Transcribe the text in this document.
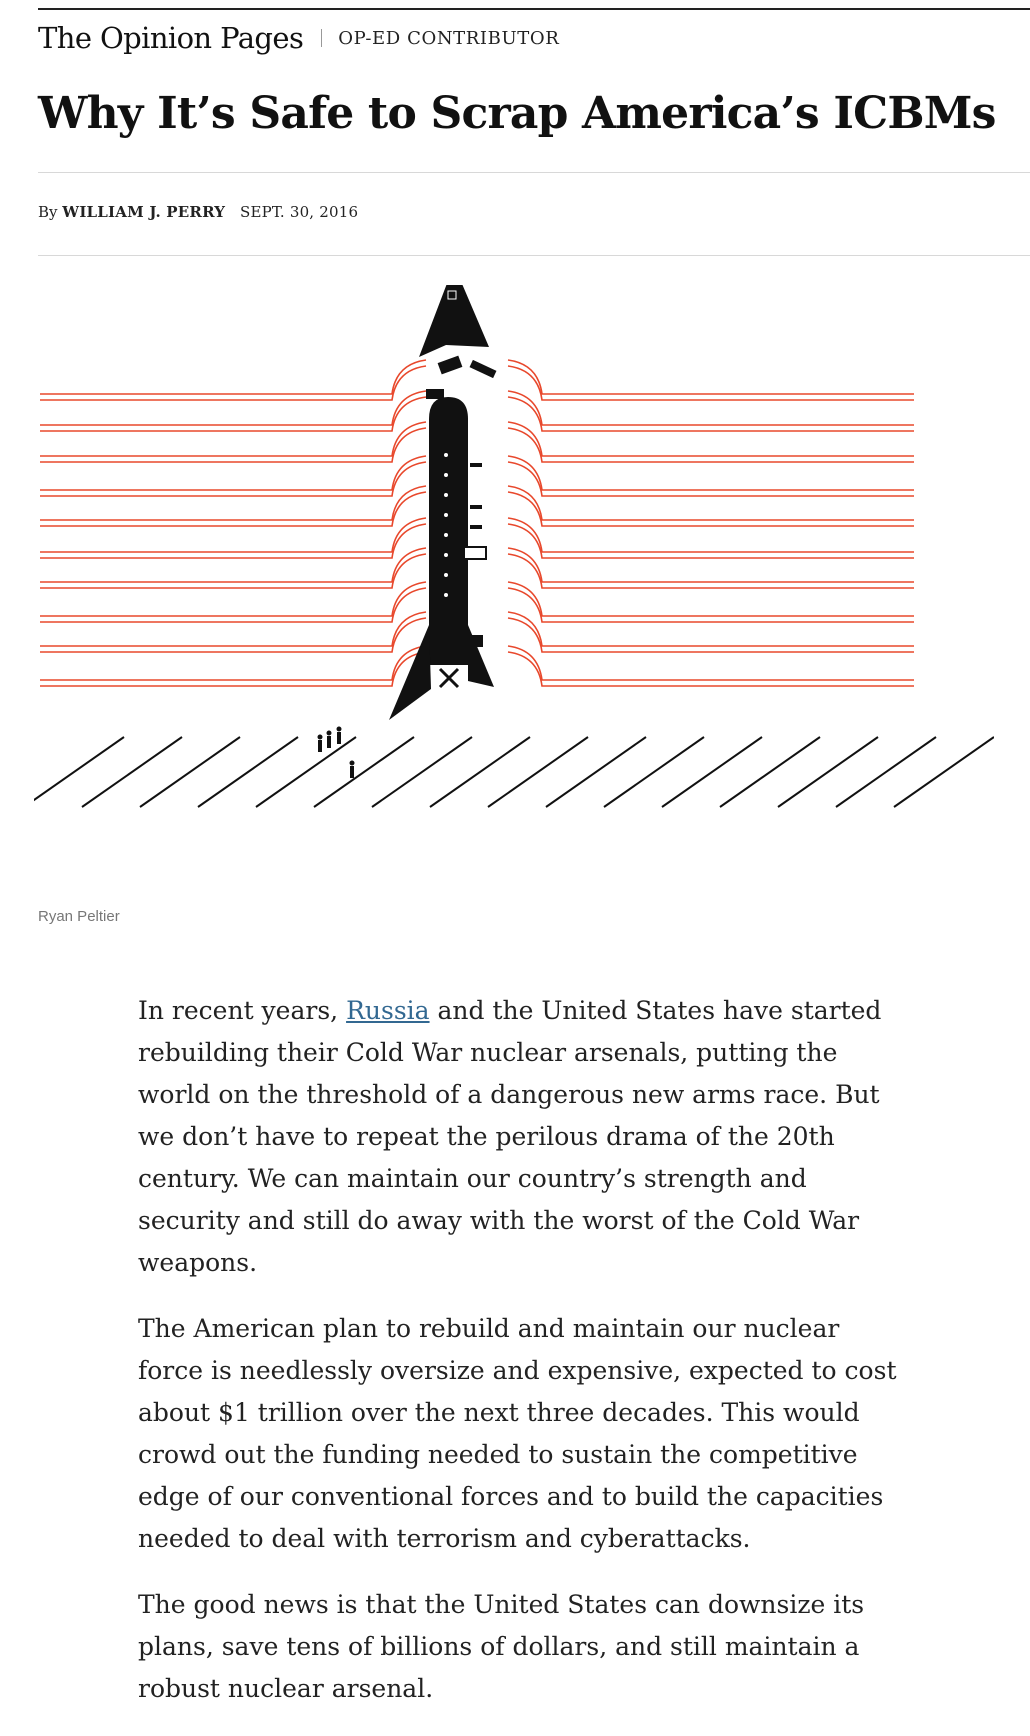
The Opinion Pages OP-ED CONTRIBUTOR
Why It’s Safe to Scrap America’s ICBMs
By WILLIAM J. PERRY SEPT. 30, 2016
Ryan Peltier

In recent years, Russia and the United States have started rebuilding their Cold War nuclear arsenals, putting the world on the threshold of a dangerous new arms race. But we don’t have to repeat the perilous drama of the 20th century. We can maintain our country’s strength and security and still do away with the worst of the Cold War weapons.

The American plan to rebuild and maintain our nuclear force is needlessly oversize and expensive, expected to cost about $1 trillion over the next three decades. This would crowd out the funding needed to sustain the competitive edge of our conventional forces and to build the capacities needed to deal with terrorism and cyberattacks.

The good news is that the United States can downsize its plans, save tens of billions of dollars, and still maintain a robust nuclear arsenal.
